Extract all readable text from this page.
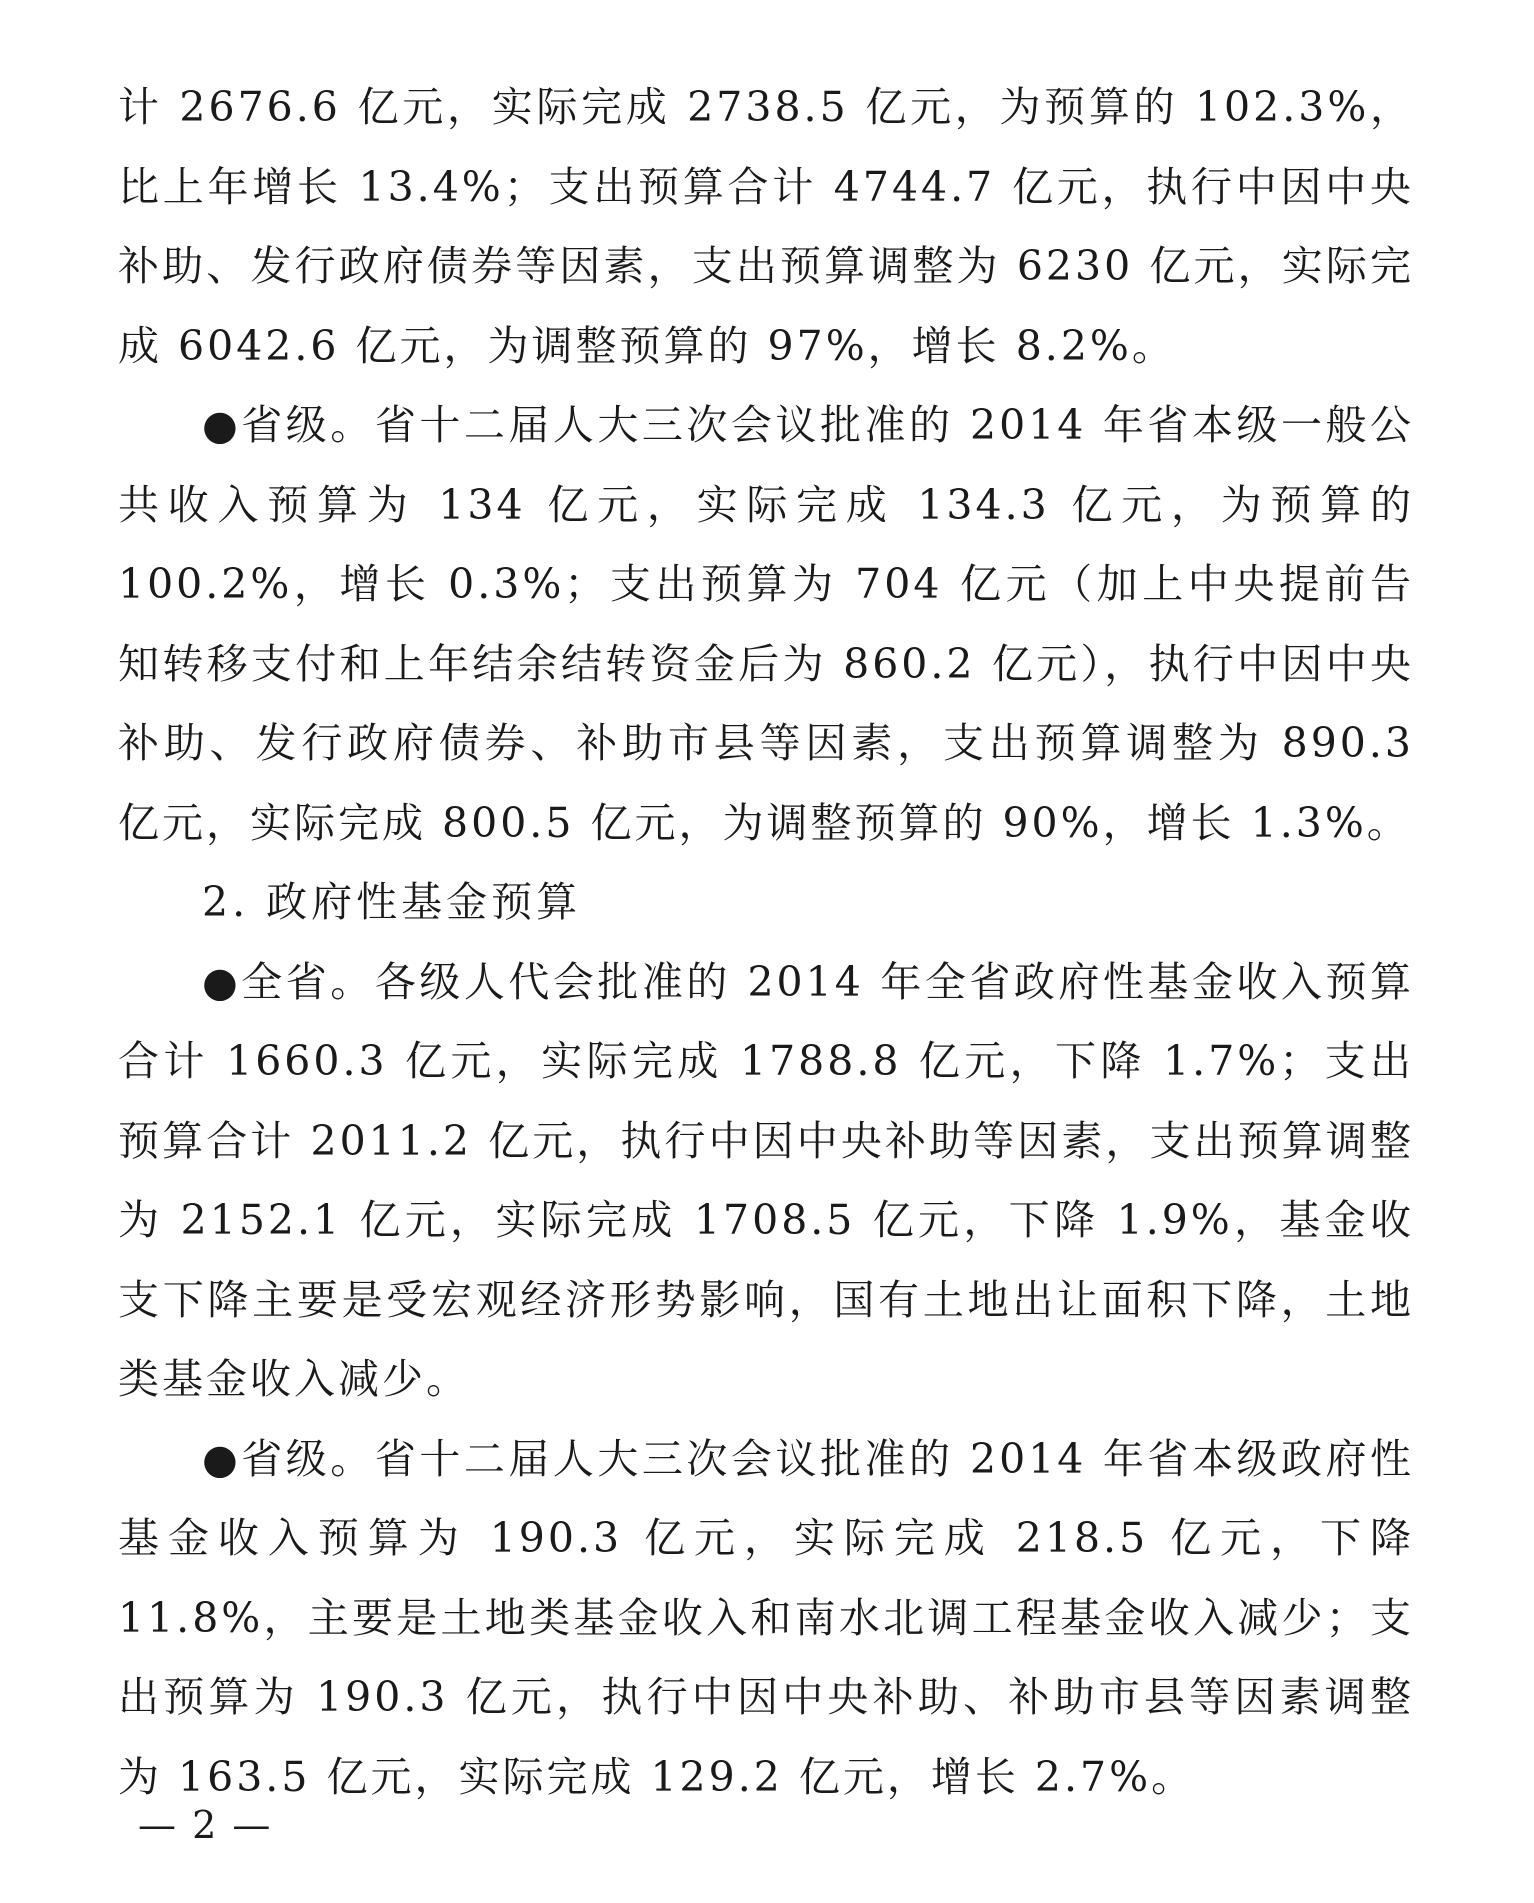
计 2676.6 亿元，实际完成 2738.5 亿元，为预算的 102.3%，比上年增长 13.4%；支出预算合计 4744.7 亿元，执行中因中央补助、发行政府债券等因素，支出预算调整为 6230 亿元，实际完成 6042.6 亿元，为调整预算的 97%，增长 8.2%。

●省级。省十二届人大三次会议批准的 2014 年省本级一般公共收入预算为 134 亿元，实际完成 134.3 亿元，为预算的 100.2%，增长 0.3%；支出预算为 704 亿元（加上中央提前告知转移支付和上年结余结转资金后为 860.2 亿元），执行中因中央补助、发行政府债券、补助市县等因素，支出预算调整为 890.3 亿元，实际完成 800.5 亿元，为调整预算的 90%，增长 1.3%。

2. 政府性基金预算

●全省。各级人代会批准的 2014 年全省政府性基金收入预算合计 1660.3 亿元，实际完成 1788.8 亿元，下降 1.7%；支出预算合计 2011.2 亿元，执行中因中央补助等因素，支出预算调整为 2152.1 亿元，实际完成 1708.5 亿元，下降 1.9%，基金收支下降主要是受宏观经济形势影响，国有土地出让面积下降，土地类基金收入减少。

●省级。省十二届人大三次会议批准的 2014 年省本级政府性基金收入预算为 190.3 亿元，实际完成 218.5 亿元，下降 11.8%，主要是土地类基金收入和南水北调工程基金收入减少；支出预算为 190.3 亿元，执行中因中央补助、补助市县等因素调整为 163.5 亿元，实际完成 129.2 亿元，增长 2.7%。

— 2 —
